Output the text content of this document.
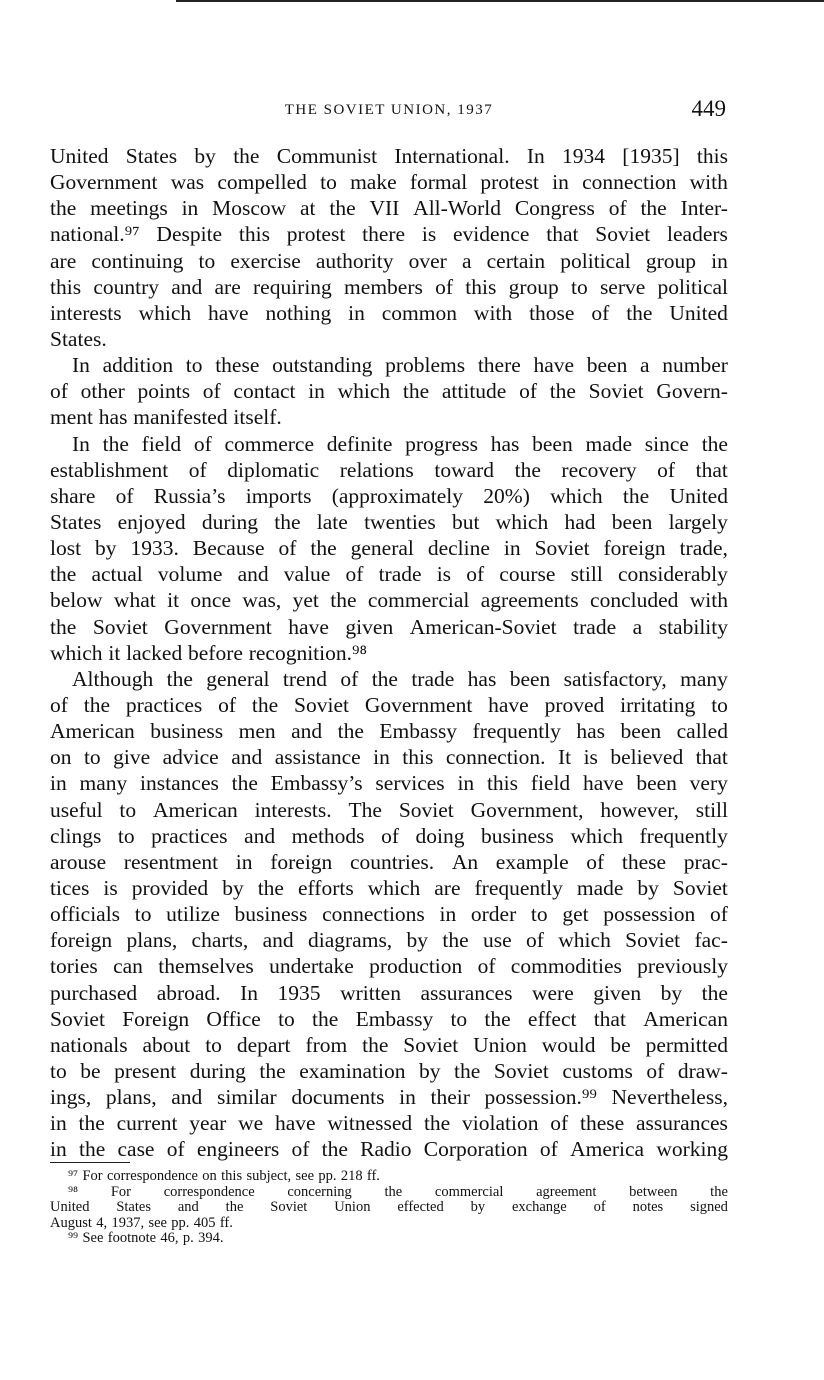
THE SOVIET UNION, 1937	449
United States by the Communist International. In 1934 [1935] this
Government was compelled to make formal protest in connection with
the meetings in Moscow at the VII All-World Congress of the Inter-
national.⁹⁷ Despite this protest there is evidence that Soviet leaders
are continuing to exercise authority over a certain political group in
this country and are requiring members of this group to serve political
interests which have nothing in common with those of the United
States.
In addition to these outstanding problems there have been a number
of other points of contact in which the attitude of the Soviet Govern-
ment has manifested itself.
In the field of commerce definite progress has been made since the
establishment of diplomatic relations toward the recovery of that
share of Russia’s imports (approximately 20%) which the United
States enjoyed during the late twenties but which had been largely
lost by 1933. Because of the general decline in Soviet foreign trade,
the actual volume and value of trade is of course still considerably
below what it once was, yet the commercial agreements concluded with
the Soviet Government have given American-Soviet trade a stability
which it lacked before recognition.⁹⁸
Although the general trend of the trade has been satisfactory, many
of the practices of the Soviet Government have proved irritating to
American business men and the Embassy frequently has been called
on to give advice and assistance in this connection. It is believed that
in many instances the Embassy’s services in this field have been very
useful to American interests. The Soviet Government, however, still
clings to practices and methods of doing business which frequently
arouse resentment in foreign countries. An example of these prac-
tices is provided by the efforts which are frequently made by Soviet
officials to utilize business connections in order to get possession of
foreign plans, charts, and diagrams, by the use of which Soviet fac-
tories can themselves undertake production of commodities previously
purchased abroad. In 1935 written assurances were given by the
Soviet Foreign Office to the Embassy to the effect that American
nationals about to depart from the Soviet Union would be permitted
to be present during the examination by the Soviet customs of draw-
ings, plans, and similar documents in their possession.⁹⁹ Nevertheless,
in the current year we have witnessed the violation of these assurances
in the case of engineers of the Radio Corporation of America working
⁹⁷ For correspondence on this subject, see pp. 218 ff.
⁹⁸ For correspondence concerning the commercial agreement between the
United States and the Soviet Union effected by exchange of notes signed
August 4, 1937, see pp. 405 ff.
⁹⁹ See footnote 46, p. 394.
